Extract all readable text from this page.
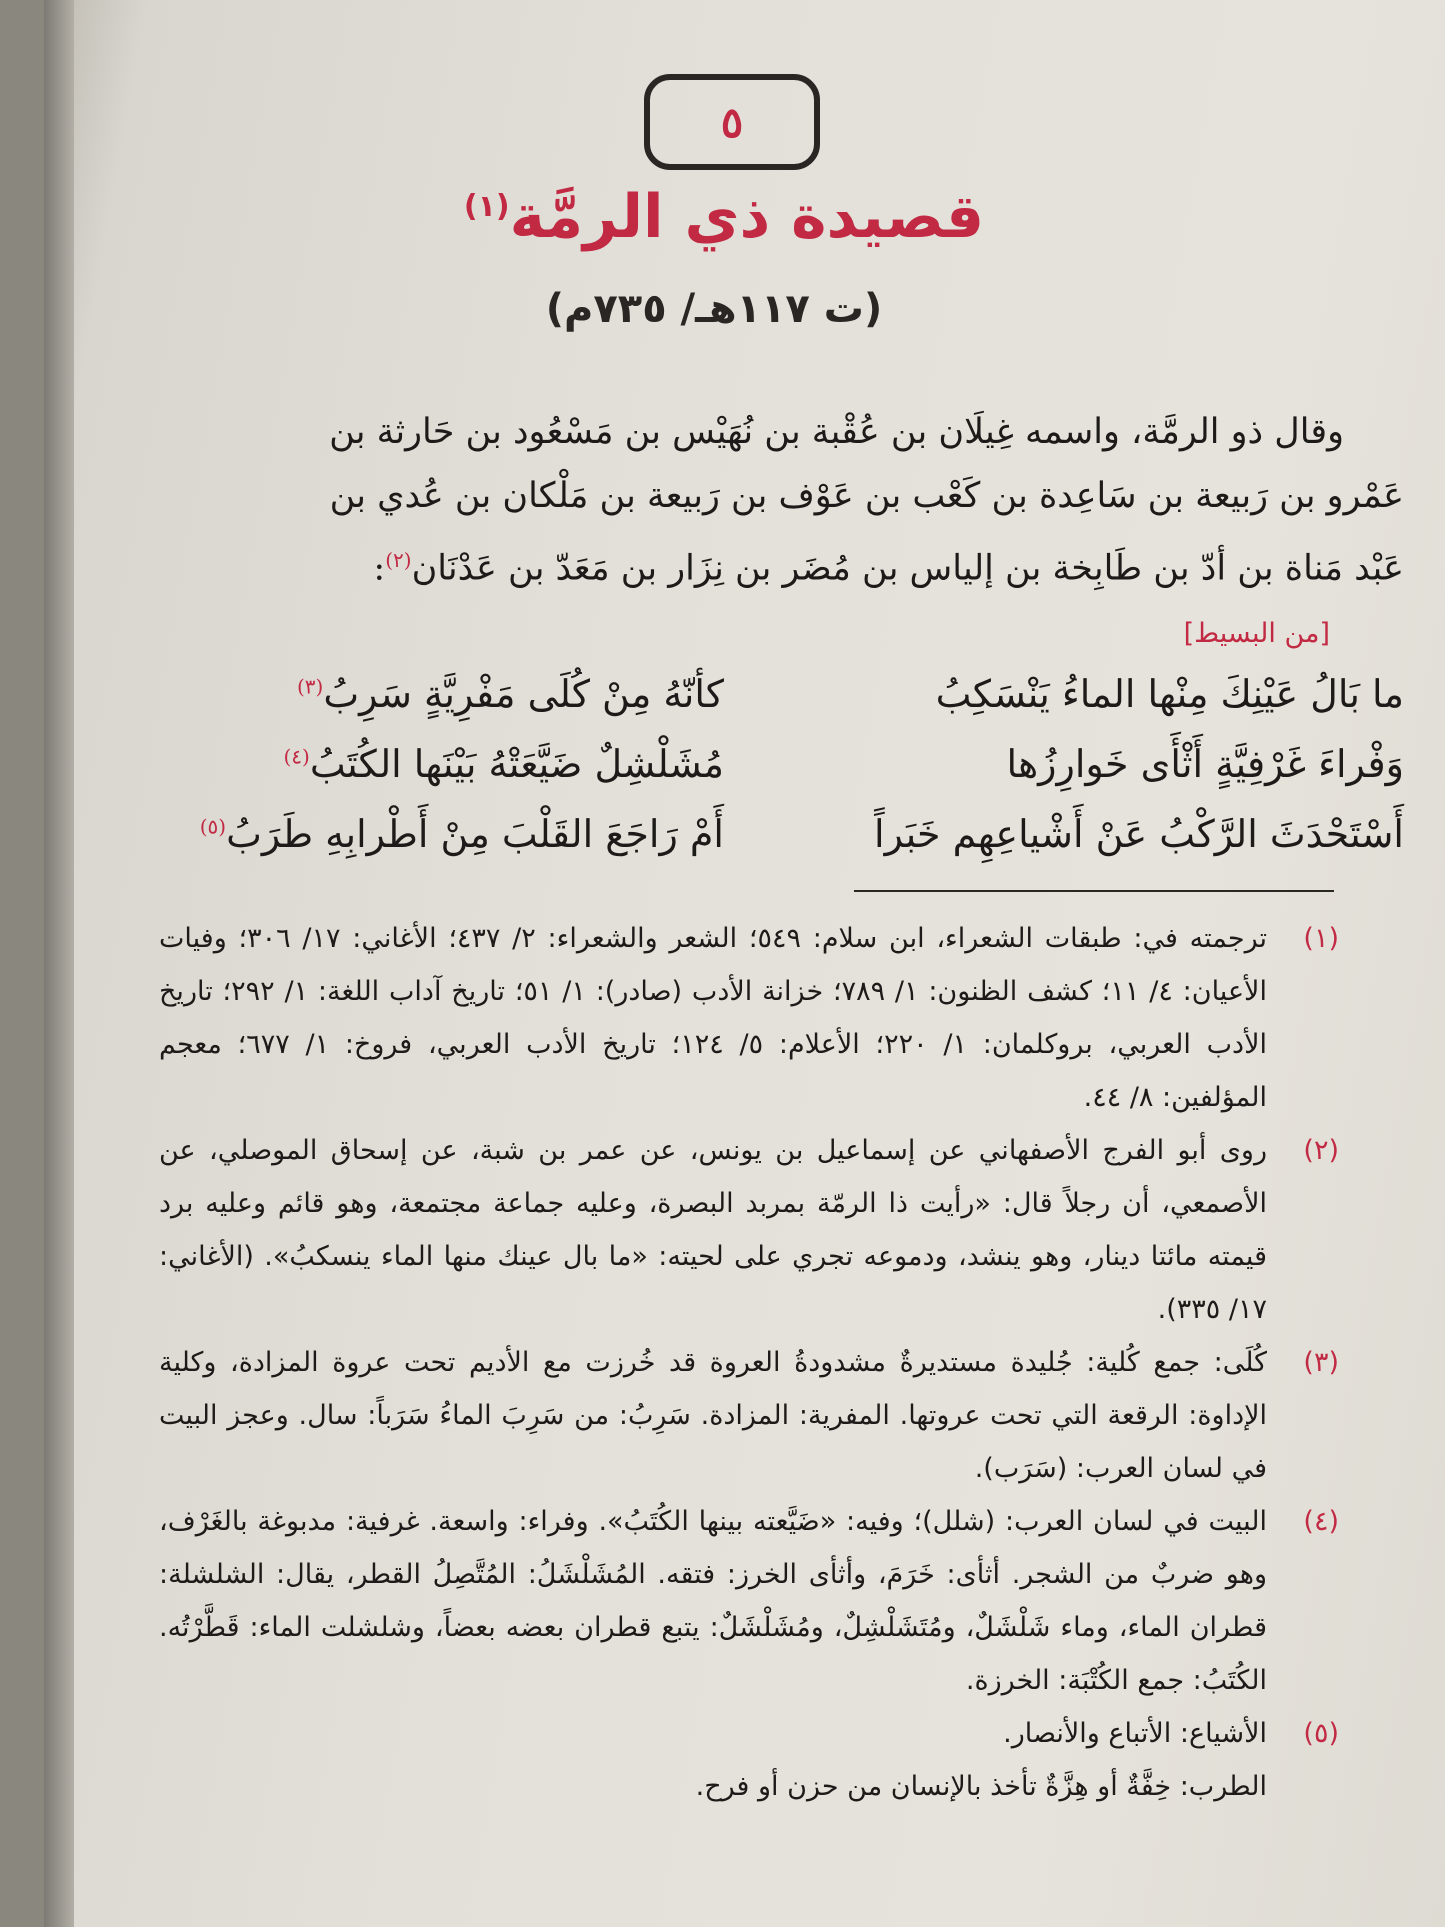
٥
قصيدة ذي الرمَّة$^{(١)}$
(ت ١١٧هـ/ ٧٣٥م)

وقال ذو الرمَّة، واسمه غِيلَان بن عُقْبة بن نُهَيْس بن مَسْعُود بن حَارثة بن

عَمْرو بن رَبيعة بن سَاعِدة بن كَعْب بن عَوْف بن رَبيعة بن مَلْكان بن عُدي بن

عَبْد مَناة بن أدّ بن طَابِخة بن إلياس بن مُضَر بن نِزَار بن مَعَدّ بن عَدْنَان$^{(٢)}$:

[من البسيط]
ما بَالُ عَيْنِكَ مِنْها الماءُ يَنْسَكِبُ
كأنّهُ مِنْ كُلَى مَفْرِيَّةٍ سَرِبُ$^{(٣)}$
وَفْراءَ غَرْفِيَّةٍ أَثْأَى خَوارِزُها
مُشَلْشِلٌ ضَيَّعَتْهُ بَيْنَها الكُتَبُ$^{(٤)}$
أَسْتَحْدَثَ الرَّكْبُ عَنْ أَشْياعِهِم خَبَراً
أَمْ رَاجَعَ القَلْبَ مِنْ أَطْرابِهِ طَرَبُ$^{(٥)}$
(١)
ترجمته في: طبقات الشعراء، ابن سلام: ٥٤٩؛ الشعر والشعراء: ٢/ ٤٣٧؛ الأغاني: ١٧/ ٣٠٦؛ وفيات الأعيان: ٤/ ١١؛ كشف الظنون: ١/ ٧٨٩؛ خزانة الأدب (صادر): ١/ ٥١؛ تاريخ آداب اللغة: ١/ ٢٩٢؛ تاريخ الأدب العربي، بروكلمان: ١/ ٢٢٠؛ الأعلام: ٥/ ١٢٤؛ تاريخ الأدب العربي، فروخ: ١/ ٦٧٧؛ معجم المؤلفين: ٨/ ٤٤.
(٢)
روى أبو الفرج الأصفهاني عن إسماعيل بن يونس، عن عمر بن شبة، عن إسحاق الموصلي، عن الأصمعي، أن رجلاً قال: «رأيت ذا الرمّة بمربد البصرة، وعليه جماعة مجتمعة، وهو قائم وعليه برد قيمته مائتا دينار، وهو ينشد، ودموعه تجري على لحيته: «ما بال عينك منها الماء ينسكبُ». (الأغاني: ١٧/ ٣٣٥).
(٣)
كُلَى: جمع كُلية: جُليدة مستديرةٌ مشدودةُ العروة قد خُرزت مع الأديم تحت عروة المزادة، وكلية الإداوة: الرقعة التي تحت عروتها. المفرية: المزادة. سَرِبُ: من سَرِبَ الماءُ سَرَباً: سال. وعجز البيت في لسان العرب: (سَرَب).
(٤)
البيت في لسان العرب: (شلل)؛ وفيه: «ضَيَّعته بينها الكُتَبُ». وفراء: واسعة. غرفية: مدبوغة بالغَرْف، وهو ضربٌ من الشجر. أثأى: خَرَمَ، وأثأى الخرز: فتقه. المُشَلْشَلُ: المُتَّصِلُ القطر، يقال: الشلشلة: قطران الماء، وماء شَلْشَلٌ، ومُتَشَلْشِلٌ، ومُشَلْشَلٌ: يتبع قطران بعضه بعضاً، وشلشلت الماء: قَطَّرْتُه. الكُتَبُ: جمع الكُتْبَة: الخرزة.
(٥)
الأشياع: الأتباع والأنصار.
الطرب: خِفَّةٌ أو هِزَّةٌ تأخذ بالإنسان من حزن أو فرح.
